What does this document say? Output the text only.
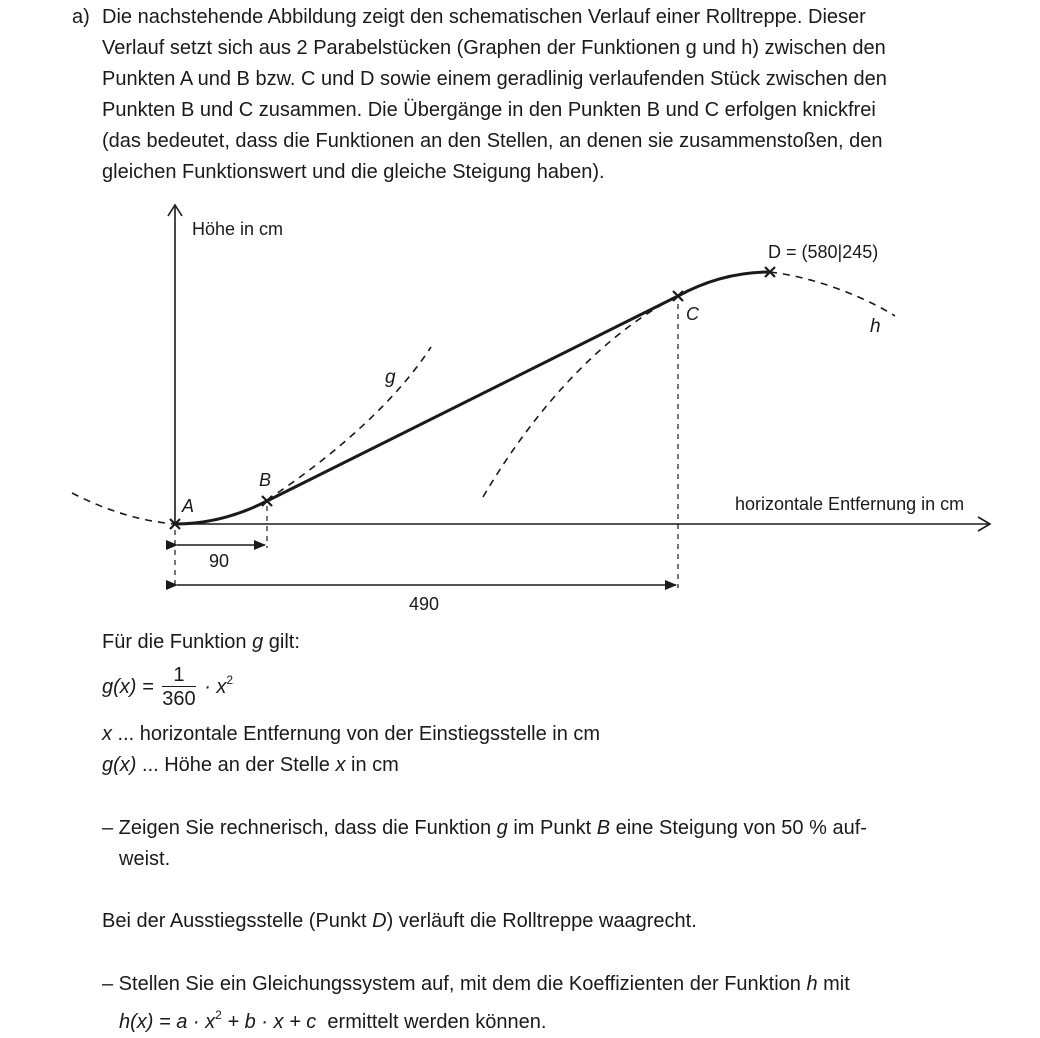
a) Die nachstehende Abbildung zeigt den schematischen Verlauf einer Rolltreppe. Dieser
Verlauf setzt sich aus 2 Parabelstücken (Graphen der Funktionen g und h) zwischen den
Punkten A und B bzw. C und D sowie einem geradlinig verlaufenden Stück zwischen den
Punkten B und C zusammen. Die Übergänge in den Punkten B und C erfolgen knickfrei
(das bedeutet, dass die Funktionen an den Stellen, an denen sie zusammenstoßen, den
gleichen Funktionswert und die gleiche Steigung haben).
Höhe in cm
horizontale Entfernung in cm
A
B
C
D = (580|245)
g
h
90
490
Für die Funktion g gilt:
$g(x) = \frac{1}{360} \cdot x^2$
x ... horizontale Entfernung von der Einstiegsstelle in cm
g(x) ... Höhe an der Stelle x in cm
– Zeigen Sie rechnerisch, dass die Funktion g im Punkt B eine Steigung von 50 % auf-
weist.
Bei der Ausstiegsstelle (Punkt D) verläuft die Rolltreppe waagrecht.
– Stellen Sie ein Gleichungssystem auf, mit dem die Koeffizienten der Funktion h mit
$h(x) = a \cdot x^2 + b \cdot x + c$  ermittelt werden können.
